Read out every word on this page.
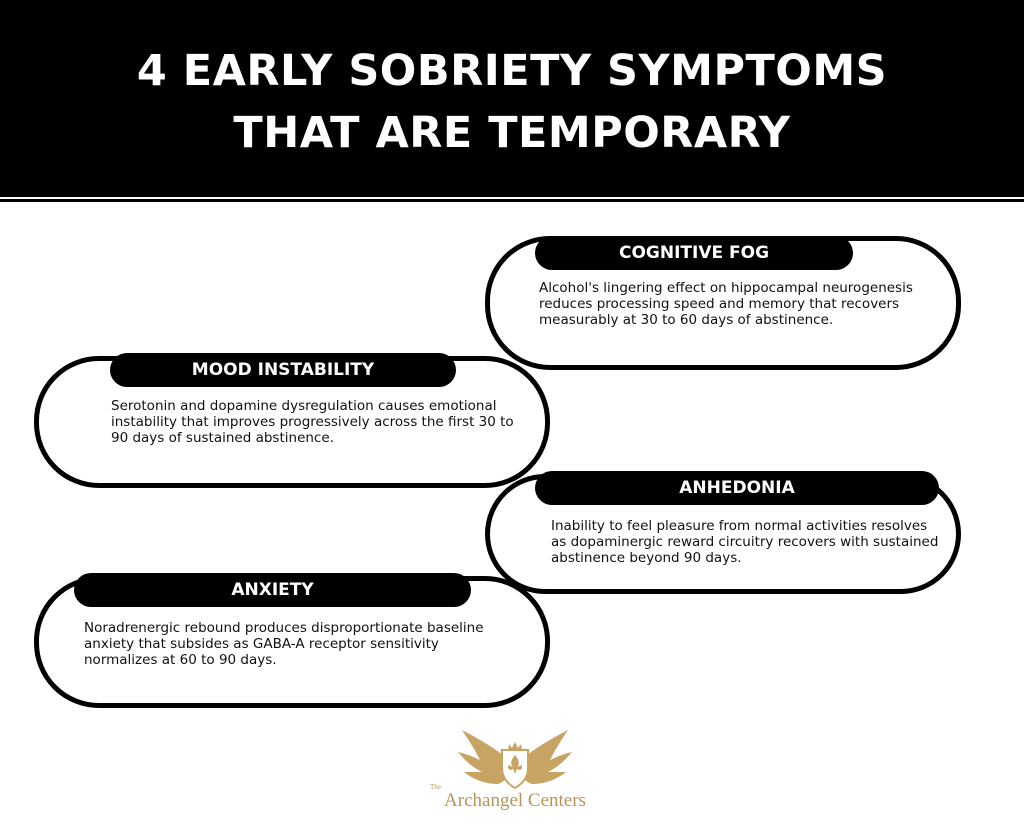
4 EARLY SOBRIETY SYMPTOMS
THAT ARE TEMPORARY
COGNITIVE FOG
Alcohol's lingering effect on hippocampal neurogenesis reduces processing speed and memory that recovers measurably at 30 to 60 days of abstinence.
MOOD INSTABILITY
Serotonin and dopamine dysregulation causes emotional instability that improves progressively across the first 30 to 90 days of sustained abstinence.
ANHEDONIA
Inability to feel pleasure from normal activities resolves as dopaminergic reward circuitry recovers with sustained abstinence beyond 90 days.
ANXIETY
Noradrenergic rebound produces disproportionate baseline anxiety that subsides as GABA-A receptor sensitivity normalizes at 60 to 90 days.
The
Archangel Centers
